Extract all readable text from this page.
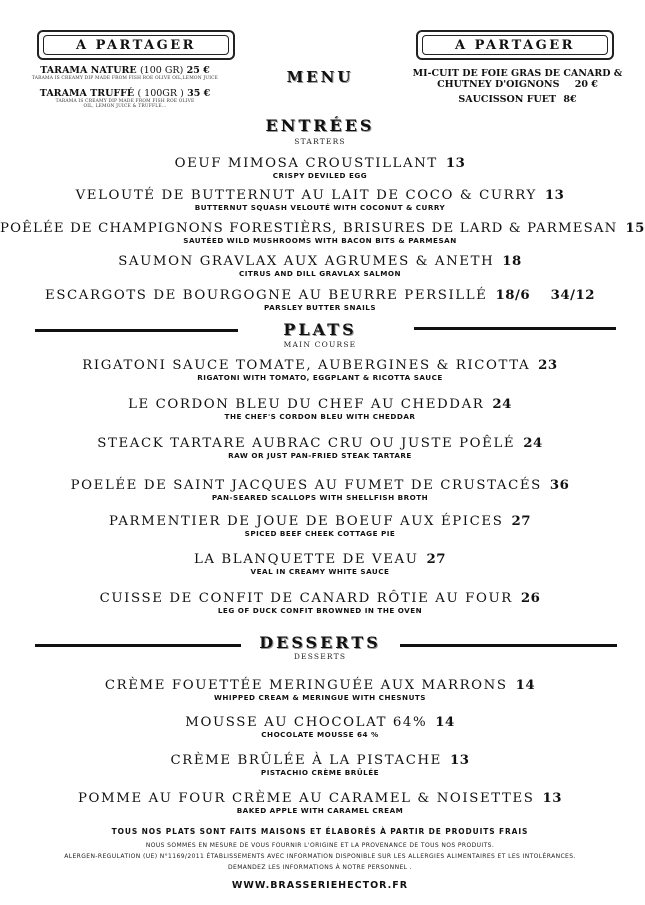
A PARTAGER
TARAMA NATURE (100 GR) 25 €
TARAMA IS CREAMY DIP MADE FROM FISH ROE OLIVE OIL,LEMON JUICE
TARAMA TRUFFÉ ( 100GR ) 35 €
TARAMA IS CREAMY DIP MADE FROM FISH ROE OLIVE OIL, LEMON JUICE & TRUFFLE...
A PARTAGER
MI-CUIT DE FOIE GRAS DE CANARD &
CHUTNEY D'OIGNONS 20 €
SAUCISSON FUET 8€
MENU
ENTRÉES
STARTERS
OEUF MIMOSA CROUSTILLANT 13
CRISPY DEVILED EGG
VELOUTÉ DE BUTTERNUT AU LAIT DE COCO & CURRY 13
BUTTERNUT SQUASH VELOUTÉ WITH COCONUT & CURRY
POÊLÉE DE CHAMPIGNONS FORESTIÈRS, BRISURES DE LARD & PARMESAN 15
SAUTÉED WILD MUSHROOMS WITH BACON BITS & PARMESAN
SAUMON GRAVLAX AUX AGRUMES & ANETH 18
CITRUS AND DILL GRAVLAX SALMON
ESCARGOTS DE BOURGOGNE AU BEURRE PERSILLÉ 18/6    34/12
PARSLEY BUTTER SNAILS
PLATS
MAIN COURSE
RIGATONI SAUCE TOMATE, AUBERGINES & RICOTTA 23
RIGATONI WITH TOMATO, EGGPLANT & RICOTTA SAUCE
LE CORDON BLEU DU CHEF AU CHEDDAR 24
THE CHEF'S CORDON BLEU WITH CHEDDAR
STEACK TARTARE AUBRAC CRU OU JUSTE POÊLÉ 24
RAW OR JUST PAN-FRIED STEAK TARTARE
POELÉE DE SAINT JACQUES AU FUMET DE CRUSTACÉS 36
PAN-SEARED SCALLOPS WITH SHELLFISH BROTH
PARMENTIER DE JOUE DE BOEUF AUX ÉPICES 27
SPICED BEEF CHEEK COTTAGE PIE
LA BLANQUETTE DE VEAU 27
VEAL IN CREAMY WHITE SAUCE
CUISSE DE CONFIT DE CANARD RÔTIE AU FOUR 26
LEG OF DUCK CONFIT BROWNED IN THE OVEN
DESSERTS
DESSERTS
CRÈME FOUETTÉE MERINGUÉE AUX MARRONS 14
WHIPPED CREAM & MERINGUE WITH CHESNUTS
MOUSSE AU CHOCOLAT 64% 14
CHOCOLATE MOUSSE 64 %
CRÈME BRÛLÉE À LA PISTACHE 13
PISTACHIO CRÈME BRÛLÉE
POMME AU FOUR CRÈME AU CARAMEL & NOISETTES 13
BAKED APPLE WITH CARAMEL CREAM
TOUS NOS PLATS SONT FAITS MAISONS ET ÉLABORÉS À PARTIR DE PRODUITS FRAIS
NOUS SOMMES EN MESURE DE VOUS FOURNIR L'ORIGINE ET LA PROVENANCE DE TOUS NOS PRODUITS.
ALERGEN-REGULATION (UE) N°1169/2011 ÉTABLISSEMENTS AVEC INFORMATION DISPONIBLE SUR LES ALLERGIES ALIMENTAIRES ET LES INTOLÉRANCES.
DEMANDEZ LES INFORMATIONS À NOTRE PERSONNEL .
WWW.BRASSERIEHECTOR.FR
